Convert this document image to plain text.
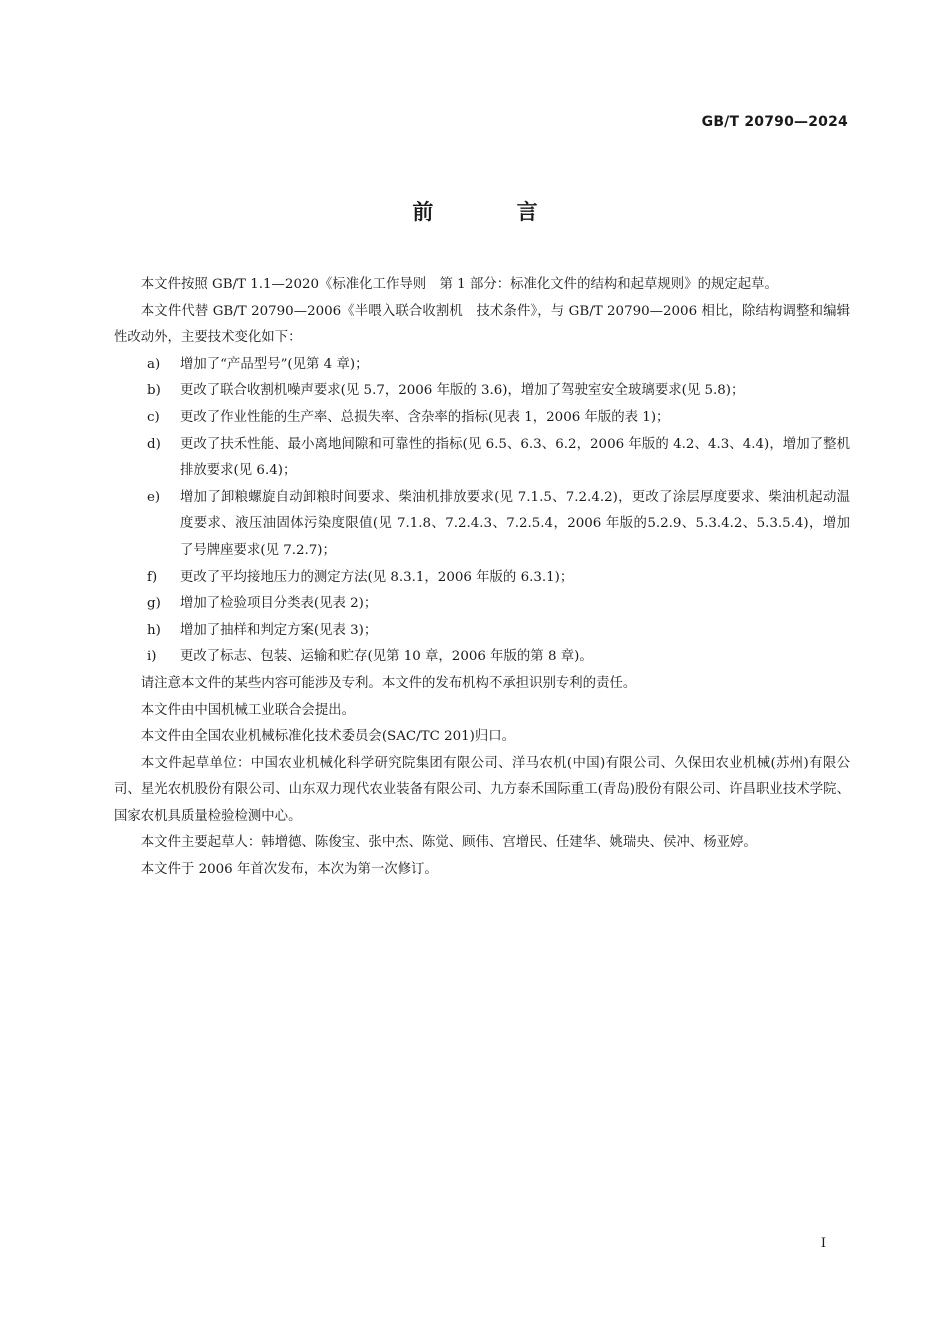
GB/T 20790—2024
前 言

本文件按照 GB/T 1.1—2020《标准化工作导则　第 1 部分：标准化文件的结构和起草规则》的规定起草。

本文件代替 GB/T 20790—2006《半喂入联合收割机　技术条件》，与 GB/T 20790—2006 相比，除结构调整和编辑性改动外，主要技术变化如下：

a) 增加了“产品型号”(见第 4 章)；

b) 更改了联合收割机噪声要求(见 5.7，2006 年版的 3.6)，增加了驾驶室安全玻璃要求(见 5.8)；

c) 更改了作业性能的生产率、总损失率、含杂率的指标(见表 1，2006 年版的表 1)；

d) 更改了扶禾性能、最小离地间隙和可靠性的指标(见 6.5、6.3、6.2，2006 年版的 4.2、4.3、4.4)，增加了整机排放要求(见 6.4)；

e) 增加了卸粮螺旋自动卸粮时间要求、柴油机排放要求(见 7.1.5、7.2.4.2)，更改了涂层厚度要求、柴油机起动温度要求、液压油固体污染度限值(见 7.1.8、7.2.4.3、7.2.5.4，2006 年版的5.2.9、5.3.4.2、5.3.5.4)，增加了号牌座要求(见 7.2.7)；

f) 更改了平均接地压力的测定方法(见 8.3.1，2006 年版的 6.3.1)；

g) 增加了检验项目分类表(见表 2)；

h) 增加了抽样和判定方案(见表 3)；

i) 更改了标志、包装、运输和贮存(见第 10 章，2006 年版的第 8 章)。

请注意本文件的某些内容可能涉及专利。本文件的发布机构不承担识别专利的责任。

本文件由中国机械工业联合会提出。

本文件由全国农业机械标准化技术委员会(SAC/TC 201)归口。

本文件起草单位：中国农业机械化科学研究院集团有限公司、洋马农机(中国)有限公司、久保田农业机械(苏州)有限公司、星光农机股份有限公司、山东双力现代农业装备有限公司、九方泰禾国际重工(青岛)股份有限公司、许昌职业技术学院、国家农机具质量检验检测中心。

本文件主要起草人：韩增德、陈俊宝、张中杰、陈觉、顾伟、宫增民、任建华、姚瑞央、侯冲、杨亚婷。

本文件于 2006 年首次发布，本次为第一次修订。

I
